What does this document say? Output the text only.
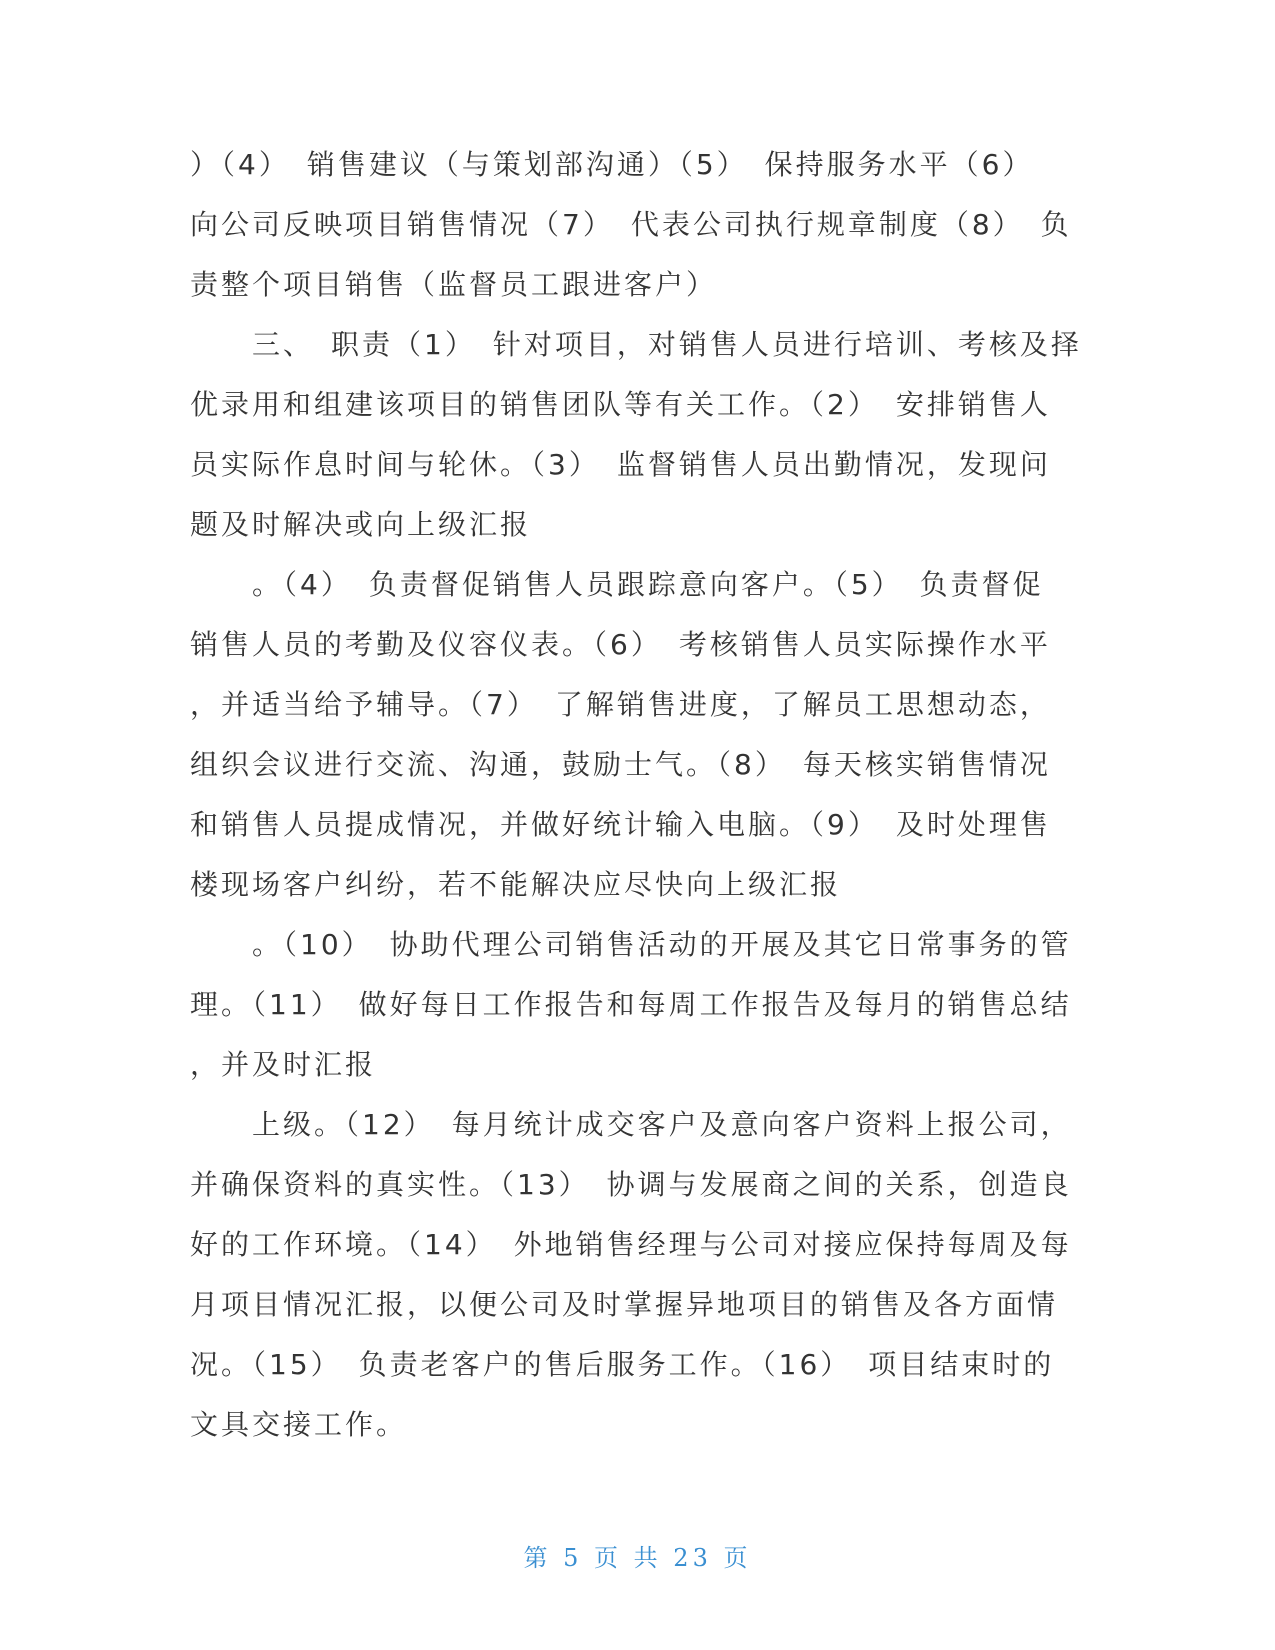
）（4）　销售建议（与策划部沟通）（5）　保持服务水平（6）
向公司反映项目销售情况（7）　代表公司执行规章制度（8）　负
责整个项目销售（监督员工跟进客户）
三、　职责（1）　针对项目，对销售人员进行培训、考核及择
优录用和组建该项目的销售团队等有关工作。（2）　安排销售人
员实际作息时间与轮休。（3）　监督销售人员出勤情况，发现问
题及时解决或向上级汇报
。（4）　负责督促销售人员跟踪意向客户。（5）　负责督促
销售人员的考勤及仪容仪表。（6）　考核销售人员实际操作水平
，并适当给予辅导。（7）　了解销售进度，了解员工思想动态，
组织会议进行交流、沟通，鼓励士气。（8）　每天核实销售情况
和销售人员提成情况，并做好统计输入电脑。（9）　及时处理售
楼现场客户纠纷，若不能解决应尽快向上级汇报
。（10）　协助代理公司销售活动的开展及其它日常事务的管
理。（11）　做好每日工作报告和每周工作报告及每月的销售总结
，并及时汇报
上级。（12）　每月统计成交客户及意向客户资料上报公司，
并确保资料的真实性。（13）　协调与发展商之间的关系，创造良
好的工作环境。（14）　外地销售经理与公司对接应保持每周及每
月项目情况汇报，以便公司及时掌握异地项目的销售及各方面情
况。（15）　负责老客户的售后服务工作。（16）　项目结束时的
文具交接工作。
第 5 页 共 23 页
